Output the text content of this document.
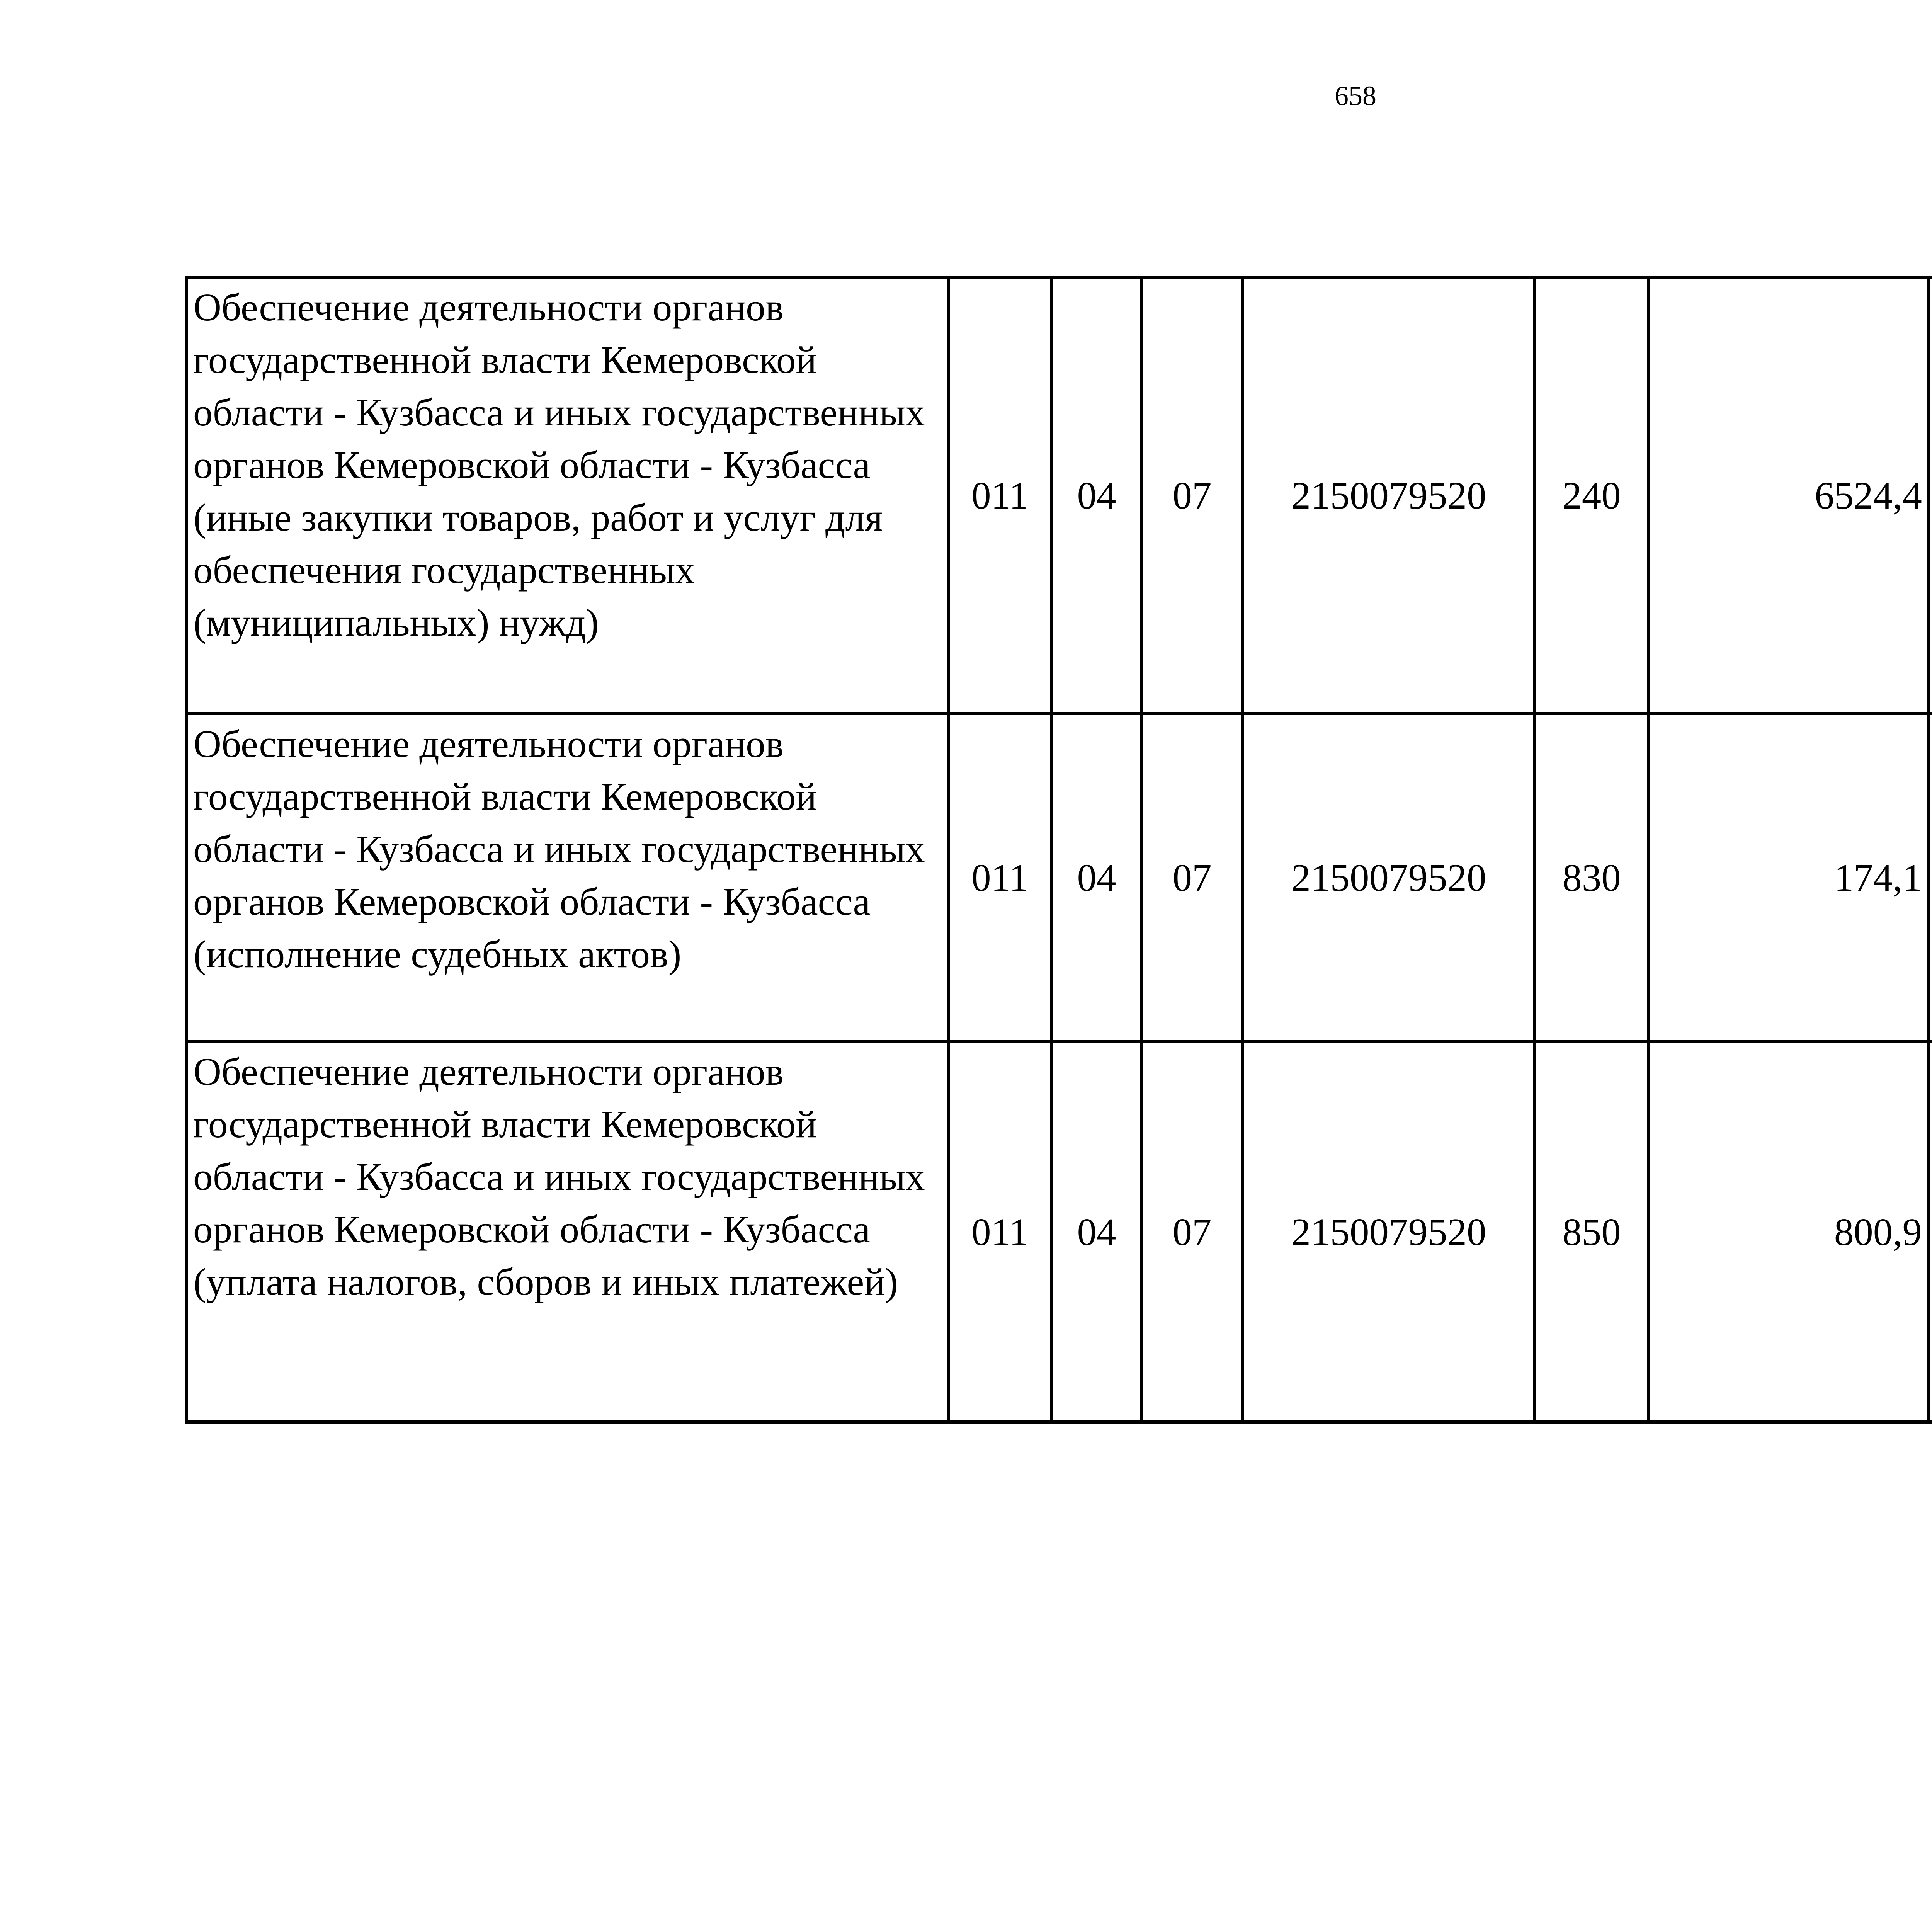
658
Обеспечение деятельности органов государственной власти Кемеровской области - Кузбасса и иных государственных органов Кемеровской области - Кузбасса (иные закупки товаров, работ и услуг для обеспечения государственных (муниципальных) нужд)	011	04	07	2150079520	240	6524,4		
Обеспечение деятельности органов государственной власти Кемеровской области - Кузбасса и иных государственных органов Кемеровской области - Кузбасса (исполнение судебных актов)	011	04	07	2150079520	830	174,1		
Обеспечение деятельности органов государственной власти Кемеровской области - Кузбасса и иных государственных органов Кемеровской области - Кузбасса (уплата налогов, сборов и иных платежей)	011	04	07	2150079520	850	800,9		
